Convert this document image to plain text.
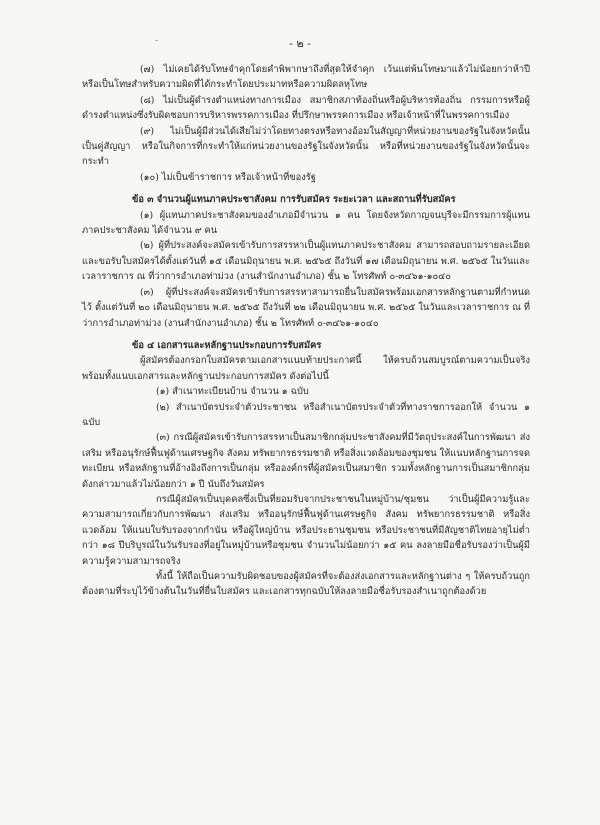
-	- ๒ -

(๗) ไม่เคยได้รับโทษจำคุกโดยคำพิพากษาถึงที่สุดให้จำคุก เว้นแต่พ้นโทษมาแล้วไม่น้อยกว่าห้าปี หรือเป็นโทษสำหรับความผิดที่ได้กระทำโดยประมาทหรือความผิดลหุโทษ

(๘) ไม่เป็นผู้ดำรงตำแหน่งทางการเมือง สมาชิกสภาท้องถิ่นหรือผู้บริหารท้องถิ่น กรรมการหรือผู้ดำรงตำแหน่งซึ่งรับผิดชอบการบริหารพรรคการเมือง ที่ปรึกษาพรรคการเมือง หรือเจ้าหน้าที่ในพรรคการเมือง

(๙) ไม่เป็นผู้มีส่วนได้เสียไม่ว่าโดยทางตรงหรือทางอ้อมในสัญญาที่หน่วยงานของรัฐในจังหวัดนั้นเป็นคู่สัญญา หรือในกิจการที่กระทำให้แก่หน่วยงานของรัฐในจังหวัดนั้น หรือที่หน่วยงานของรัฐในจังหวัดนั้นจะกระทำ

(๑๐) ไม่เป็นข้าราชการ หรือเจ้าหน้าที่ของรัฐ

ข้อ ๓ จำนวนผู้แทนภาคประชาสังคม การรับสมัคร ระยะเวลา และสถานที่รับสมัคร

(๑) ผู้แทนภาคประชาสังคมของอำเภอมีจำนวน ๑ คน โดยจังหวัดกาญจนบุรีจะมีกรรมการผู้แทนภาคประชาสังคม ได้จำนวน ๙ คน

(๒) ผู้ที่ประสงค์จะสมัครเข้ารับการสรรหาเป็นผู้แทนภาคประชาสังคม สามารถสอบถามรายละเอียดและขอรับใบสมัครได้ตั้งแต่วันที่ ๑๕ เดือนมิถุนายน พ.ศ. ๒๕๖๕ ถึงวันที่ ๑๗ เดือนมิถุนายน พ.ศ. ๒๕๖๕ ในวันและเวลาราชการ ณ ที่ว่าการอำเภอท่าม่วง (งานสำนักงานอำเภอ) ชั้น ๒ โทรศัพท์ ๐-๓๔๖๑-๑๐๔๐

(๓) ผู้ที่ประสงค์จะสมัครเข้ารับการสรรหาสามารถยื่นใบสมัครพร้อมเอกสารหลักฐานตามที่กำหนดไว้ ตั้งแต่วันที่ ๒๐ เดือนมิถุนายน พ.ศ. ๒๕๖๕ ถึงวันที่ ๒๒ เดือนมิถุนายน พ.ศ. ๒๕๖๕ ในวันและเวลาราชการ ณ ที่ว่าการอำเภอท่าม่วง (งานสำนักงานอำเภอ) ชั้น ๒ โทรศัพท์ ๐-๓๔๖๑-๑๐๔๐

ข้อ ๔ เอกสารและหลักฐานประกอบการรับสมัคร

ผู้สมัครต้องกรอกใบสมัครตามเอกสารแนบท้ายประกาศนี้ ให้ครบถ้วนสมบูรณ์ตามความเป็นจริง พร้อมทั้งแนบเอกสารและหลักฐานประกอบการสมัคร ดังต่อไปนี้

(๑) สำเนาทะเบียนบ้าน จำนวน ๑ ฉบับ

(๒) สำเนาบัตรประจำตัวประชาชน หรือสำเนาบัตรประจำตัวที่ทางราชการออกให้ จำนวน ๑ ฉบับ

(๓) กรณีผู้สมัครเข้ารับการสรรหาเป็นสมาชิกกลุ่มประชาสังคมที่มีวัตถุประสงค์ในการพัฒนา ส่งเสริม หรืออนุรักษ์ฟื้นฟูด้านเศรษฐกิจ สังคม ทรัพยากรธรรมชาติ หรือสิ่งแวดล้อมของชุมชน ให้แนบหลักฐานการจดทะเบียน หรือหลักฐานที่อ้างอิงถึงการเป็นกลุ่ม หรือองค์กรที่ผู้สมัครเป็นสมาชิก รวมทั้งหลักฐานการเป็นสมาชิกกลุ่มดังกล่าวมาแล้วไม่น้อยกว่า ๑ ปี นับถึงวันสมัคร

กรณีผู้สมัครเป็นบุคคลซึ่งเป็นที่ยอมรับจากประชาชนในหมู่บ้าน/ชุมชน ว่าเป็นผู้มีความรู้และความสามารถเกี่ยวกับการพัฒนา ส่งเสริม หรืออนุรักษ์ฟื้นฟูด้านเศรษฐกิจ สังคม ทรัพยากรธรรมชาติ หรือสิ่งแวดล้อม ให้แนบใบรับรองจากกำนัน หรือผู้ใหญ่บ้าน หรือประธานชุมชน หรือประชาชนที่มีสัญชาติไทยอายุไม่ต่ำกว่า ๑๘ ปีบริบูรณ์ในวันรับรองที่อยู่ในหมู่บ้านหรือชุมชน จำนวนไม่น้อยกว่า ๑๕ คน ลงลายมือชื่อรับรองว่าเป็นผู้มีความรู้ความสามารถจริง

ทั้งนี้ ให้ถือเป็นความรับผิดชอบของผู้สมัครที่จะต้องส่งเอกสารและหลักฐานต่าง ๆ ให้ครบถ้วนถูกต้องตามที่ระบุไว้ข้างต้นในวันที่ยื่นใบสมัคร และเอกสารทุกฉบับให้ลงลายมือชื่อรับรองสำเนาถูกต้องด้วย
